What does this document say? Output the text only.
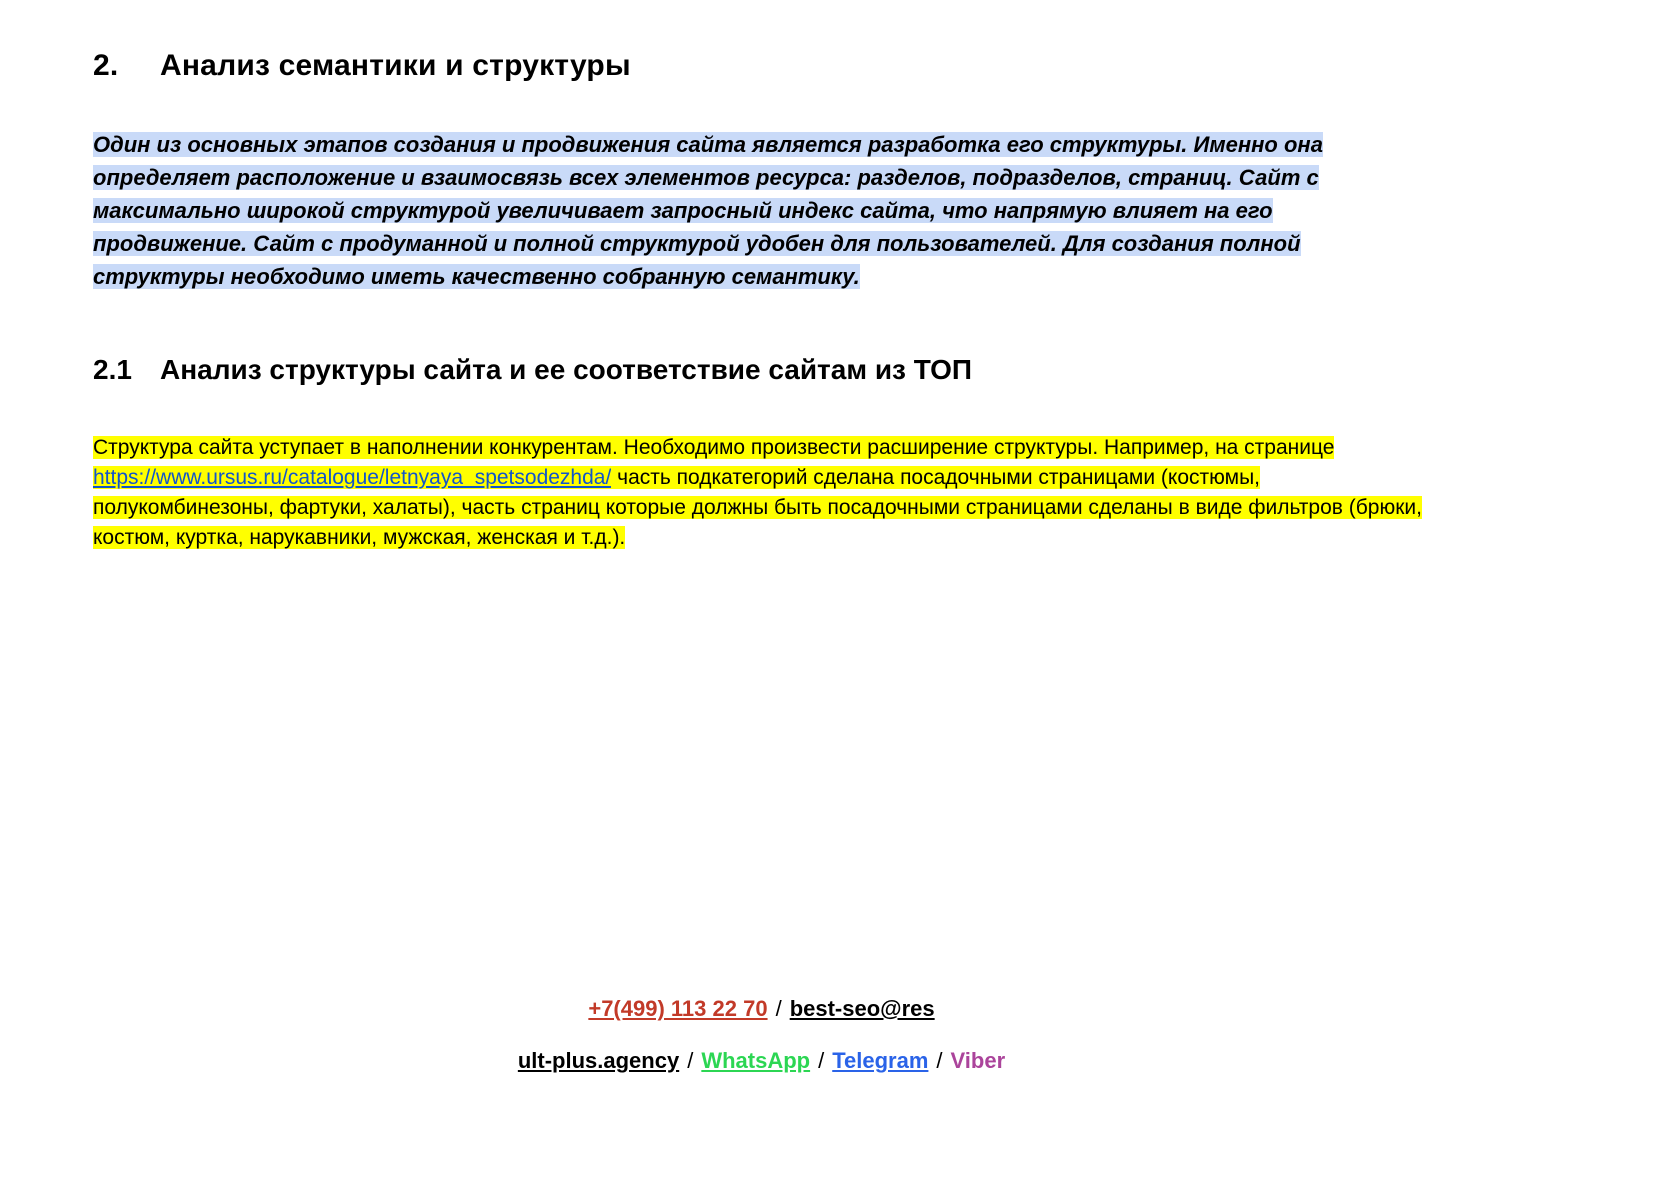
2. Анализ семантики и структуры

Один из основных этапов создания и продвижения сайта является разработка его структуры. Именно она определяет расположение и взаимосвязь всех элементов ресурса: разделов, подразделов, страниц. Сайт с максимально широкой структурой увеличивает запросный индекс сайта, что напрямую влияет на его продвижение. Сайт с продуманной и полной структурой удобен для пользователей. Для создания полной структуры необходимо иметь качественно собранную семантику.

2.1 Анализ структуры сайта и ее соответствие сайтам из ТОП

Структура сайта уступает в наполнении конкурентам. Необходимо произвести расширение структуры. Например, на странице https://www.ursus.ru/catalogue/letnyaya_spetsodezhda/ часть подкатегорий сделана посадочными страницами (костюмы, полукомбинезоны, фартуки, халаты), часть страниц которые должны быть посадочными страницами сделаны в виде фильтров (брюки, костюм, куртка, нарукавники, мужская, женская и т.д.).

+7(499) 113 22 70 / best-seo@res
ult-plus.agency / WhatsApp / Telegram / Viber
